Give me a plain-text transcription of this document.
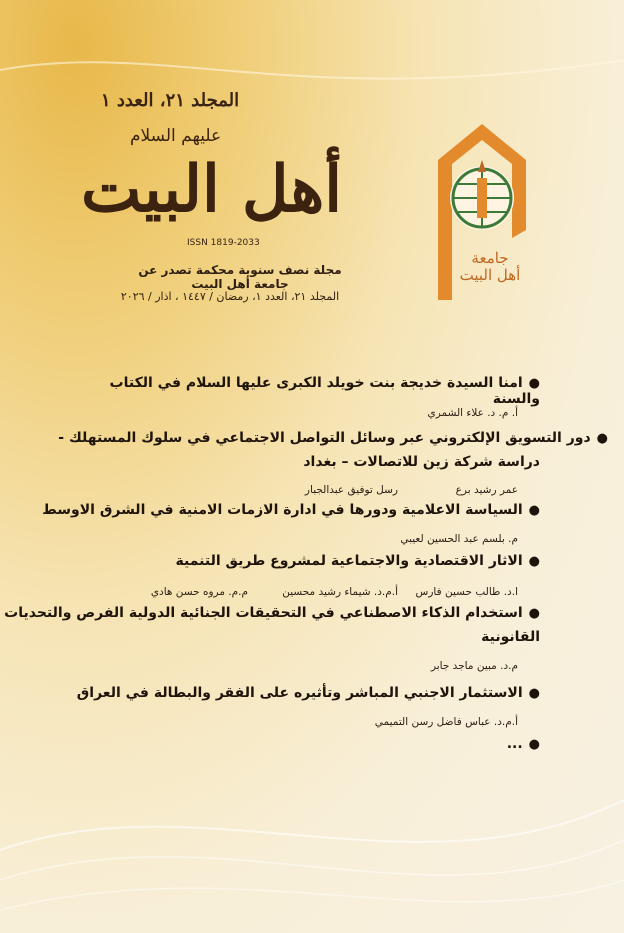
المجلد ٢١، العدد ١
عليهم السلام
أهل البيت
ISSN 1819-2033
مجلة نصف سنوية محكمة تصدر عن جامعة أهل البيت
المجلد ٢١، العدد ١، رمضان / ١٤٤٧ ، اذار / ٢٠٢٦
جامعة
أهل البيت
●امنا السيدة خديجة بنت خويلد الكبرى عليها السلام في الكتاب والسنة
أ. م. د. علاء الشمري
●دور التسويق الإلكتروني عبر وسائل التواصل الاجتماعي في سلوك المستهلك -
دراسة شركة زين للاتصالات – بغداد
عمر رشيد برع
رسل توفيق عبدالجبار
●السياسة الاعلامية ودورها في ادارة الازمات الامنية في الشرق الاوسط
م. بلسم عبد الحسين لعيبي
●الاثار الاقتصادية والاجتماعية لمشروع طريق التنمية
ا.د. طالب حسين فارس
أ.م.د. شيماء رشيد محسين
م.م. مروه حسن هادي
●استخدام الذكاء الاصطناعي في التحقيقات الجنائية الدولية الفرص والتحديات
القانونية
م.د. مبين ماجد جابر
●الاستثمار الاجنبي المباشر وتأثيره على الفقر والبطالة في العراق
أ.م.د. عباس فاضل رسن التميمي
●...
